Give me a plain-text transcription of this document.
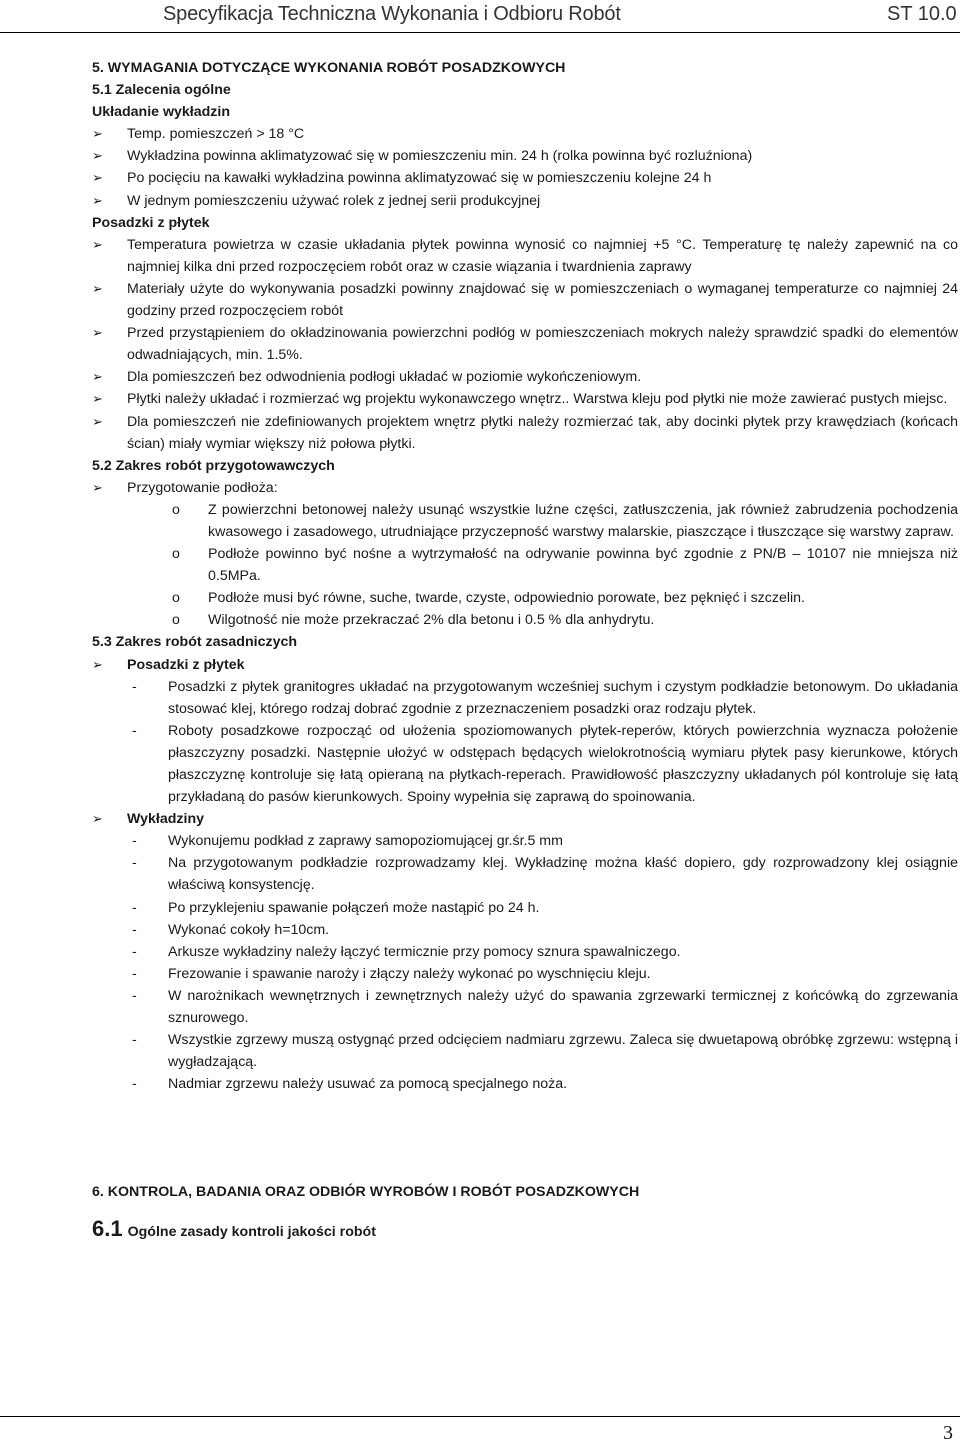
Specyfikacja Techniczna Wykonania i Odbioru Robót	ST 10.0

5. WYMAGANIA DOTYCZĄCE WYKONANIA ROBÓT POSADZKOWYCH

5.1 Zalecenia ogólne

Układanie wykładzin

➢ Temp. pomieszczeń > 18 °C
➢ Wykładzina powinna aklimatyzować się w pomieszczeniu min. 24 h (rolka powinna być rozluźniona)
➢ Po pocięciu na kawałki wykładzina powinna aklimatyzować się w pomieszczeniu kolejne 24 h
➢ W jednym pomieszczeniu używać rolek z jednej serii produkcyjnej

Posadzki z płytek

➢ Temperatura powietrza w czasie układania płytek powinna wynosić co najmniej +5 °C. Temperaturę tę należy zapewnić na co najmniej kilka dni przed rozpoczęciem robót oraz w czasie wiązania i twardnienia zaprawy
➢ Materiały użyte do wykonywania posadzki powinny znajdować się w pomieszczeniach o wymaganej temperaturze co najmniej 24 godziny przed rozpoczęciem robót
➢ Przed przystąpieniem do okładzinowania powierzchni podłóg w pomieszczeniach mokrych należy sprawdzić spadki do elementów odwadniających, min. 1.5%.
➢ Dla pomieszczeń bez odwodnienia podłogi układać w poziomie wykończeniowym.
➢ Płytki należy układać i rozmierzać wg projektu wykonawczego wnętrz.. Warstwa kleju pod płytki nie może zawierać pustych miejsc.
➢ Dla pomieszczeń nie zdefiniowanych projektem wnętrz płytki należy rozmierzać tak, aby docinki płytek przy krawędziach (końcach ścian) miały wymiar większy niż połowa płytki.

5.2 Zakres robót przygotowawczych

➢ Przygotowanie podłoża:
o Z powierzchni betonowej należy usunąć wszystkie luźne części, zatłuszczenia, jak również zabrudzenia pochodzenia kwasowego i zasadowego, utrudniające przyczepność warstwy malarskie, piaszczące i tłuszczące się warstwy zapraw.
o Podłoże powinno być nośne a wytrzymałość na odrywanie powinna być zgodnie z PN/B – 10107 nie mniejsza niż 0.5MPa.
o Podłoże musi być równe, suche, twarde, czyste, odpowiednio porowate, bez pęknięć i szczelin.
o Wilgotność nie może przekraczać 2% dla betonu i 0.5 % dla anhydrytu.

5.3 Zakres robót zasadniczych

➢ Posadzki z płytek
- Posadzki z płytek granitogres układać na przygotowanym wcześniej suchym i czystym podkładzie betonowym. Do układania stosować klej, którego rodzaj dobrać zgodnie z przeznaczeniem posadzki oraz rodzaju płytek.
- Roboty posadzkowe rozpocząć od ułożenia spoziomowanych płytek-reperów, których powierzchnia wyznacza położenie płaszczyzny posadzki. Następnie ułożyć w odstępach będących wielokrotnością wymiaru płytek pasy kierunkowe, których płaszczyznę kontroluje się łatą opieraną na płytkach-reperach. Prawidłowość płaszczyzny układanych pól kontroluje się łatą przykładaną do pasów kierunkowych. Spoiny wypełnia się zaprawą do spoinowania.
➢ Wykładziny
- Wykonujemu podkład z zaprawy samopoziomującej gr.śr.5 mm
- Na przygotowanym podkładzie rozprowadzamy klej. Wykładzinę można kłaść dopiero, gdy rozprowadzony klej osiągnie właściwą konsystencję.
- Po przyklejeniu spawanie połączeń może nastąpić po 24 h.
- Wykonać cokoły h=10cm.
- Arkusze wykładziny należy łączyć termicznie przy pomocy sznura spawalniczego.
- Frezowanie i spawanie naroży i złączy należy wykonać po wyschnięciu kleju.
- W narożnikach wewnętrznych i zewnętrznych należy użyć do spawania zgrzewarki termicznej z końcówką do zgrzewania sznurowego.
- Wszystkie zgrzewy muszą ostygnąć przed odcięciem nadmiaru zgrzewu. Zaleca się dwuetapową obróbkę zgrzewu: wstępną i wygładzającą.
- Nadmiar zgrzewu należy usuwać za pomocą specjalnego noża.

6. KONTROLA, BADANIA ORAZ ODBIÓR WYROBÓW I ROBÓT POSADZKOWYCH

6.1 Ogólne zasady kontroli jakości robót

3
